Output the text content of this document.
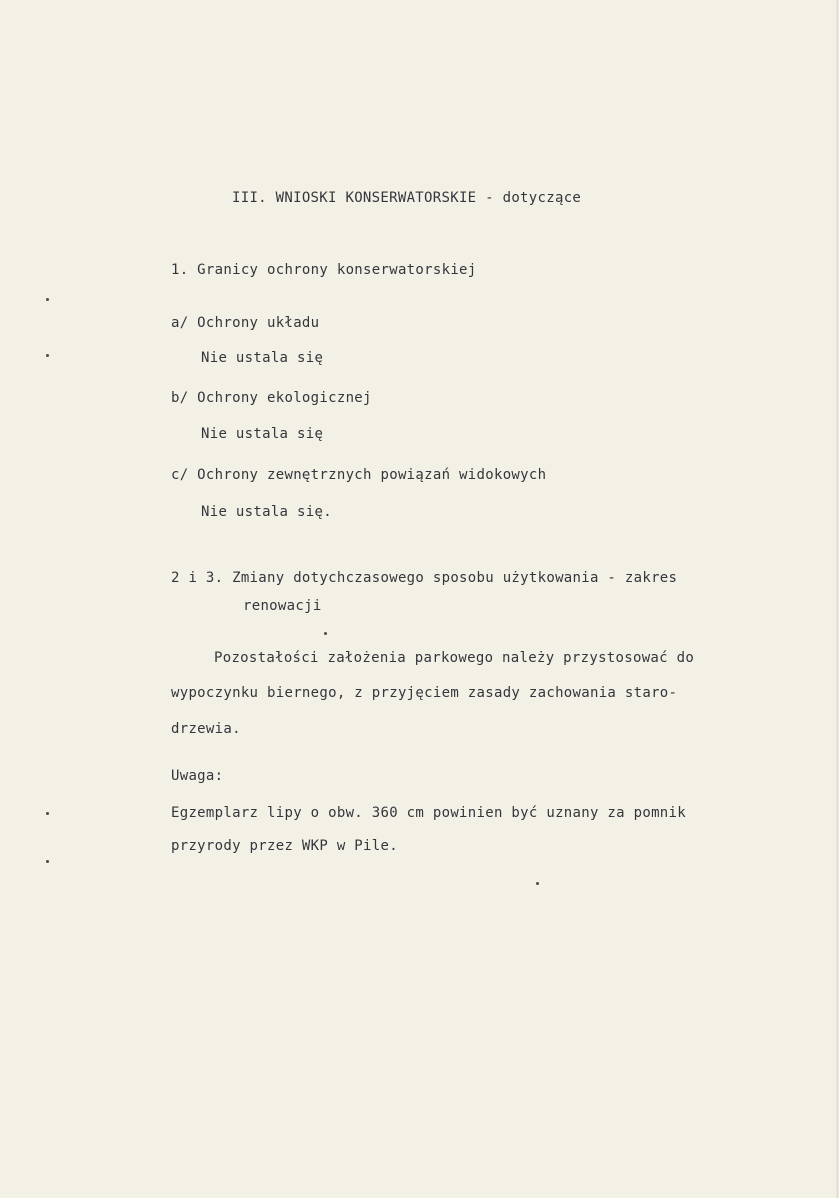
III. WNIOSKI KONSERWATORSKIE - dotyczące
1. Granicy ochrony konserwatorskiej
a/ Ochrony układu
Nie ustala się
b/ Ochrony ekologicznej
Nie ustala się
c/ Ochrony zewnętrznych powiązań widokowych
Nie ustala się.
2 i 3. Zmiany dotychczasowego sposobu użytkowania - zakres
renowacji
Pozostałości założenia parkowego należy przystosować do
wypoczynku biernego, z przyjęciem zasady zachowania staro-
drzewia.
Uwaga:
Egzemplarz lipy o obw. 360 cm powinien być uznany za pomnik
przyrody przez WKP w Pile.
